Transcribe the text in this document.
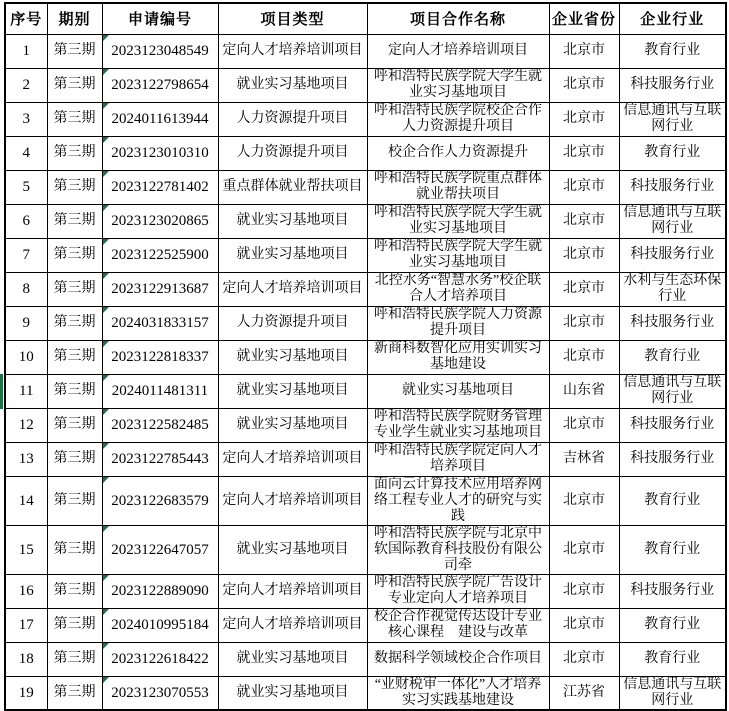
序号	期别	申请编号	项目类型	项目合作名称	企业省份	企业行业
1	第三期	2023123048549	定向人才培养培训项目	定向人才培养培训项目	北京市	教育行业
2	第三期	2023122798654	就业实习基地项目	呼和浩特民族学院大学生就业实习基地项目	北京市	科技服务行业
3	第三期	2024011613944	人力资源提升项目	呼和浩特民族学院校企合作人力资源提升项目	北京市	信息通讯与互联网行业
4	第三期	2023123010310	人力资源提升项目	校企合作人力资源提升	北京市	教育行业
5	第三期	2023122781402	重点群体就业帮扶项目	呼和浩特民族学院重点群体就业帮扶项目	北京市	科技服务行业
6	第三期	2023123020865	就业实习基地项目	呼和浩特民族学院大学生就业实习基地项目	北京市	信息通讯与互联网行业
7	第三期	2023122525900	就业实习基地项目	呼和浩特民族学院大学生就业实习基地项目	北京市	科技服务行业
8	第三期	2023122913687	定向人才培养培训项目	北控水务“智慧水务”校企联合人才培养项目	北京市	水利与生态环保行业
9	第三期	2024031833157	人力资源提升项目	呼和浩特民族学院人力资源提升项目	北京市	科技服务行业
10	第三期	2023122818337	就业实习基地项目	新商科数智化应用实训实习基地建设	北京市	教育行业
11	第三期	2024011481311	就业实习基地项目	就业实习基地项目	山东省	信息通讯与互联网行业
12	第三期	2023122582485	就业实习基地项目	呼和浩特民族学院财务管理专业学生就业实习基地项目	北京市	科技服务行业
13	第三期	2023122785443	定向人才培养培训项目	呼和浩特民族学院定向人才培养项目	吉林省	科技服务行业
14	第三期	2023122683579	定向人才培养培训项目	面向云计算技术应用培养网络工程专业人才的研究与实践	北京市	教育行业
15	第三期	2023122647057	就业实习基地项目	呼和浩特民族学院与北京中软国际教育科技股份有限公司牵	北京市	教育行业
16	第三期	2023122889090	定向人才培养培训项目	呼和浩特民族学院广告设计专业定向人才培养项目	北京市	科技服务行业
17	第三期	2024010995184	定向人才培养培训项目	校企合作视觉传达设计专业核心课程　建设与改革	北京市	教育行业
18	第三期	2023122618422	就业实习基地项目	数据科学领域校企合作项目	北京市	教育行业
19	第三期	2023123070553	就业实习基地项目	“业财税审一体化”人才培养实习实践基地建设	江苏省	信息通讯与互联网行业
